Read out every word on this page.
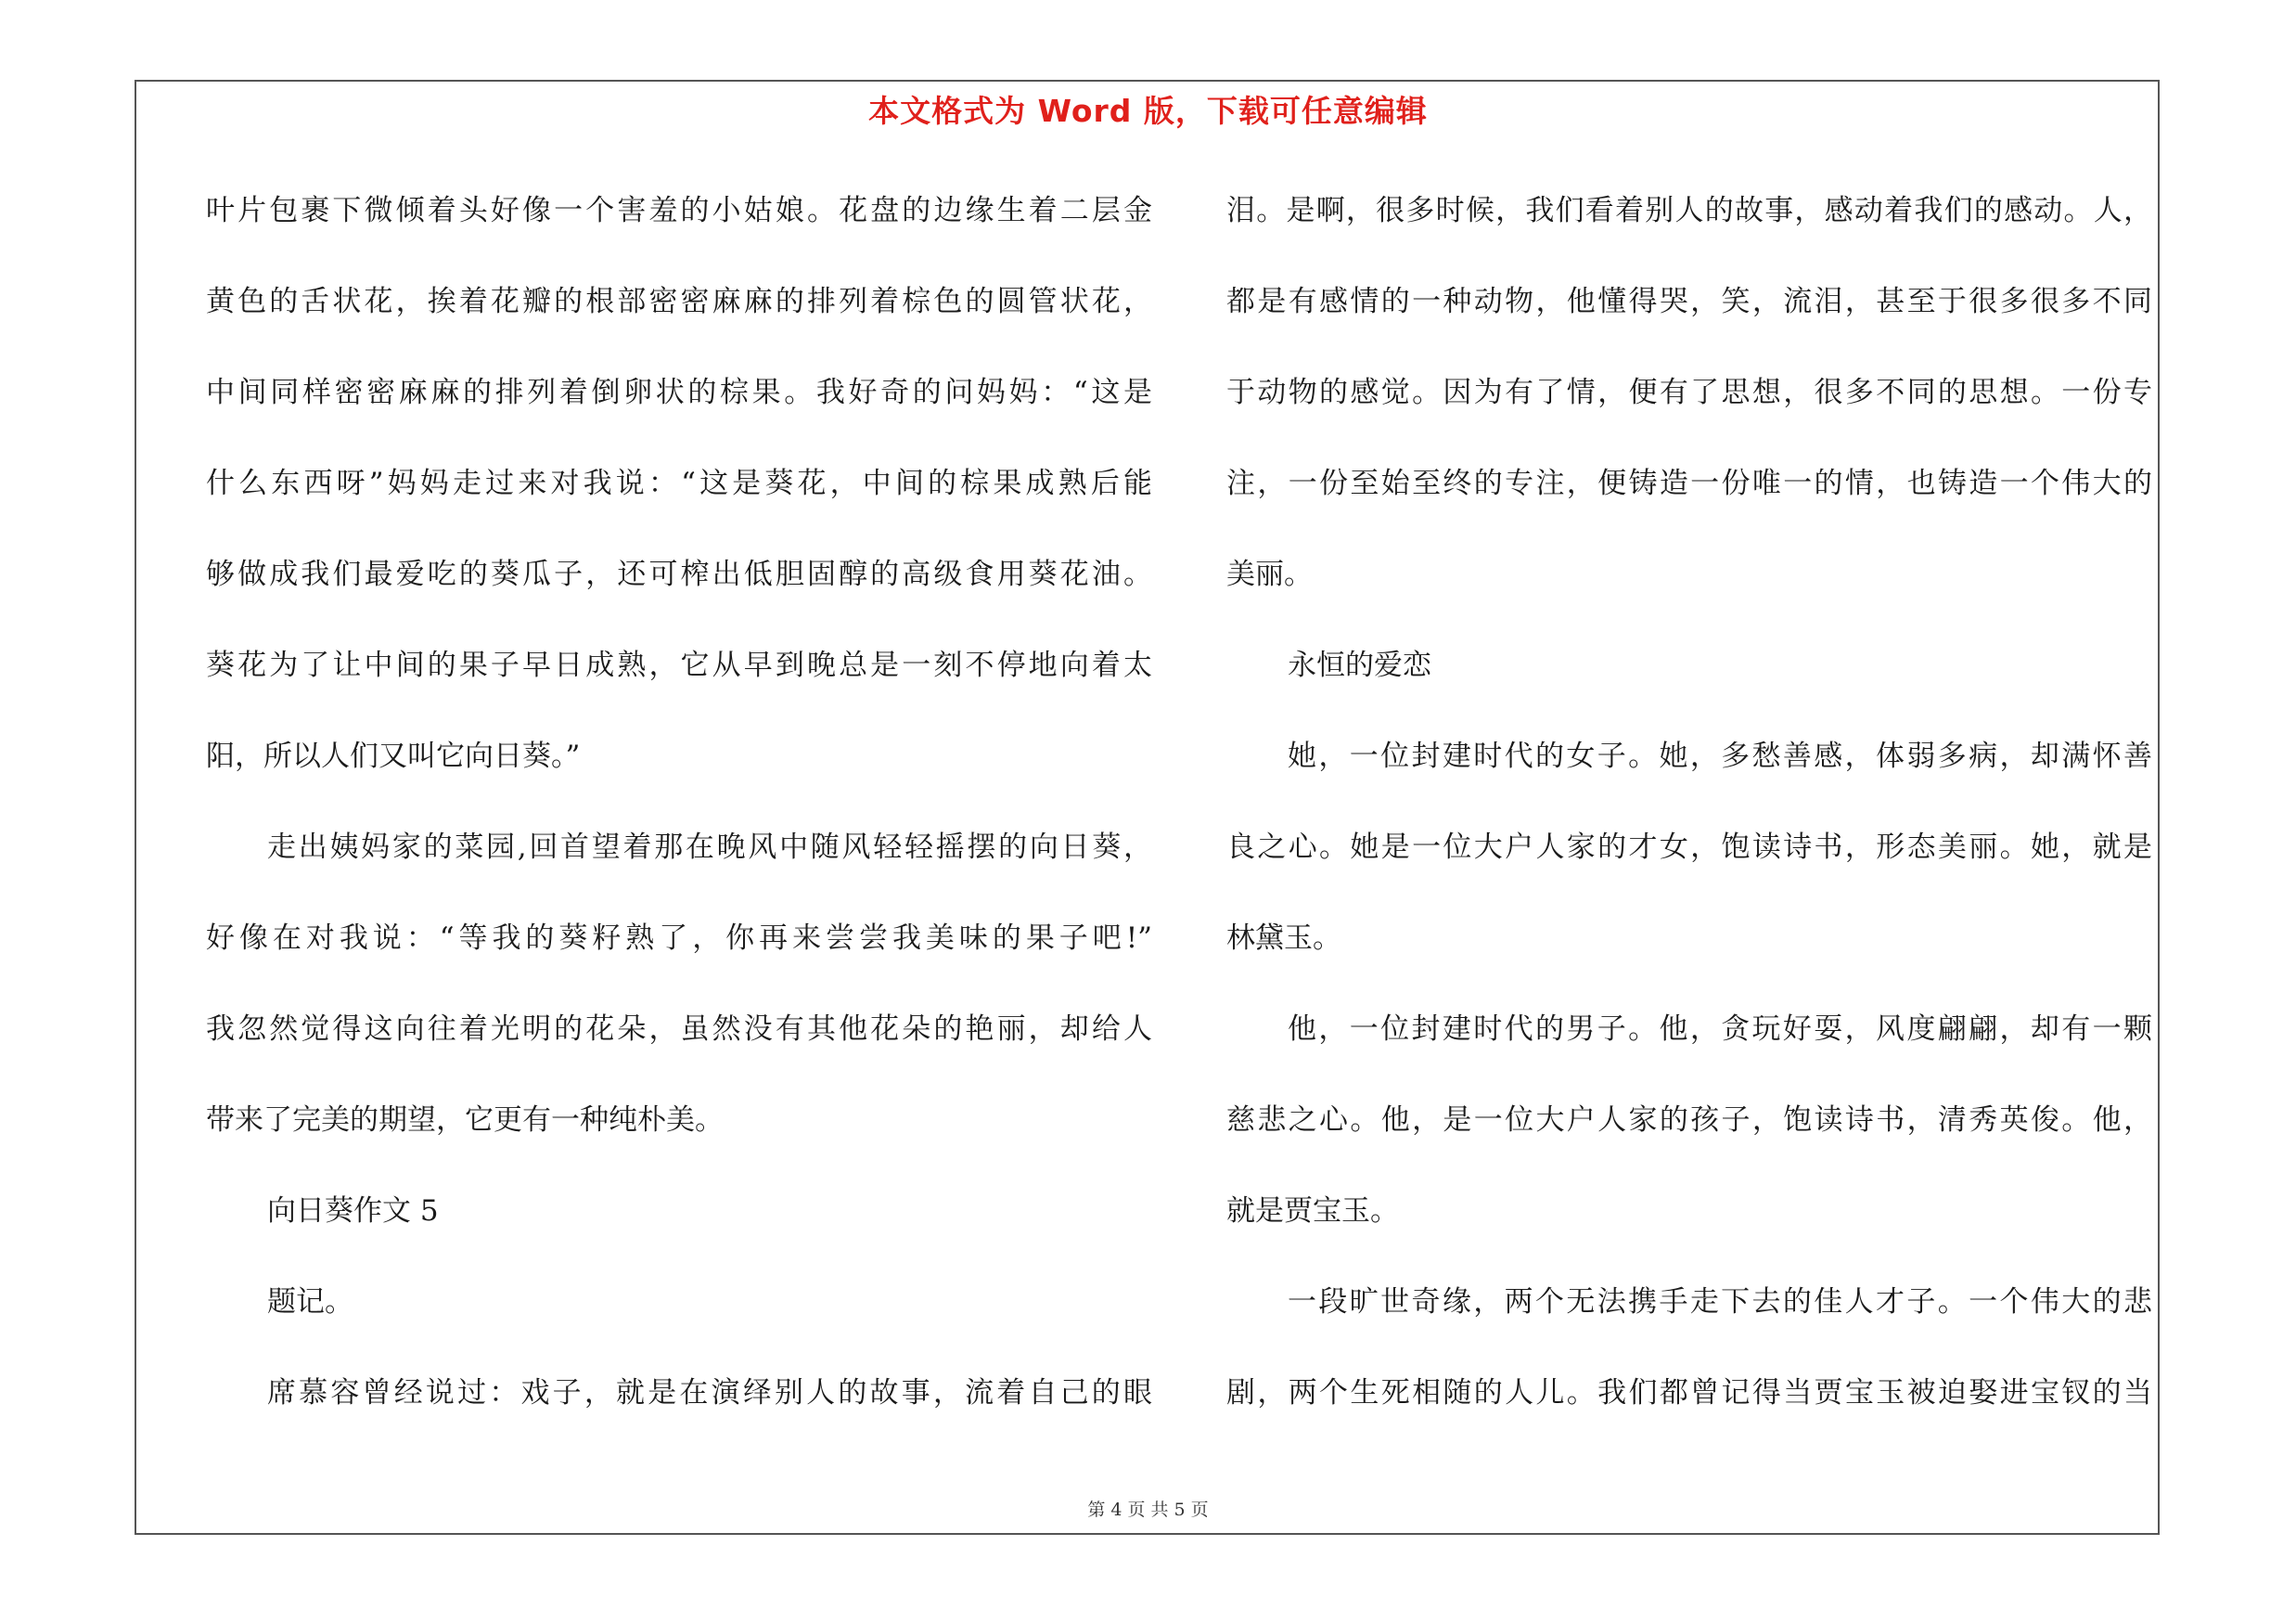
本文格式为 Word 版，下载可任意编辑
叶片包裹下微倾着头好像一个害羞的小姑娘。花盘的边缘生着二层金
黄色的舌状花，挨着花瓣的根部密密麻麻的排列着棕色的圆管状花，
中间同样密密麻麻的排列着倒卵状的棕果。我好奇的问妈妈：“这是
什么东西呀”妈妈走过来对我说：“这是葵花，中间的棕果成熟后能
够做成我们最爱吃的葵瓜子，还可榨出低胆固醇的高级食用葵花油。
葵花为了让中间的果子早日成熟，它从早到晚总是一刻不停地向着太
阳，所以人们又叫它向日葵。”
走出姨妈家的菜园,回首望着那在晚风中随风轻轻摇摆的向日葵，
好像在对我说：“等我的葵籽熟了，你再来尝尝我美味的果子吧!”
我忽然觉得这向往着光明的花朵，虽然没有其他花朵的艳丽，却给人
带来了完美的期望，它更有一种纯朴美。
向日葵作文 5
题记。
席慕容曾经说过：戏子，就是在演绎别人的故事，流着自己的眼
泪。是啊，很多时候，我们看着别人的故事，感动着我们的感动。人，
都是有感情的一种动物，他懂得哭，笑，流泪，甚至于很多很多不同
于动物的感觉。因为有了情，便有了思想，很多不同的思想。一份专
注，一份至始至终的专注，便铸造一份唯一的情，也铸造一个伟大的
美丽。
永恒的爱恋
她，一位封建时代的女子。她，多愁善感，体弱多病，却满怀善
良之心。她是一位大户人家的才女，饱读诗书，形态美丽。她，就是
林黛玉。
他，一位封建时代的男子。他，贪玩好耍，风度翩翩，却有一颗
慈悲之心。他，是一位大户人家的孩子，饱读诗书，清秀英俊。他，
就是贾宝玉。
一段旷世奇缘，两个无法携手走下去的佳人才子。一个伟大的悲
剧，两个生死相随的人儿。我们都曾记得当贾宝玉被迫娶进宝钗的当
第 4 页 共 5 页
